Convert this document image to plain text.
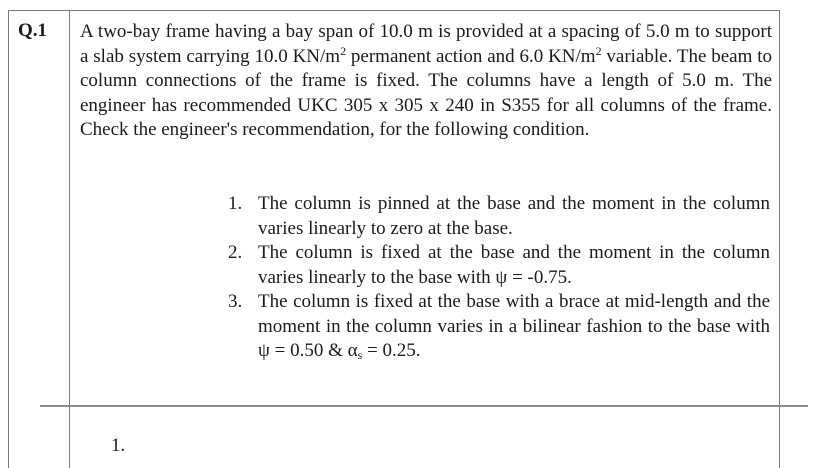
Q.1 A two-bay frame having a bay span of 10.0 m is provided at a spacing of 5.0 m to support a slab system carrying 10.0 $KN/m^2$ permanent action and 6.0 $KN/m^2$ variable. The beam to column connections of the frame is fixed. The columns have a length of 5.0 m. The engineer has recommended UKC 305 x 305 x 240 in S355 for all columns of the frame. Check the engineer's recommendation, for the following condition.
1. The column is pinned at the base and the moment in the column varies linearly to zero at the base.
2. The column is fixed at the base and the moment in the column varies linearly to the base with ψ = -0.75.
3. The column is fixed at the base with a brace at mid-length and the moment in the column varies in a bilinear fashion to the base with ψ = 0.50 & $\alpha_s = 0.25$.
1.
